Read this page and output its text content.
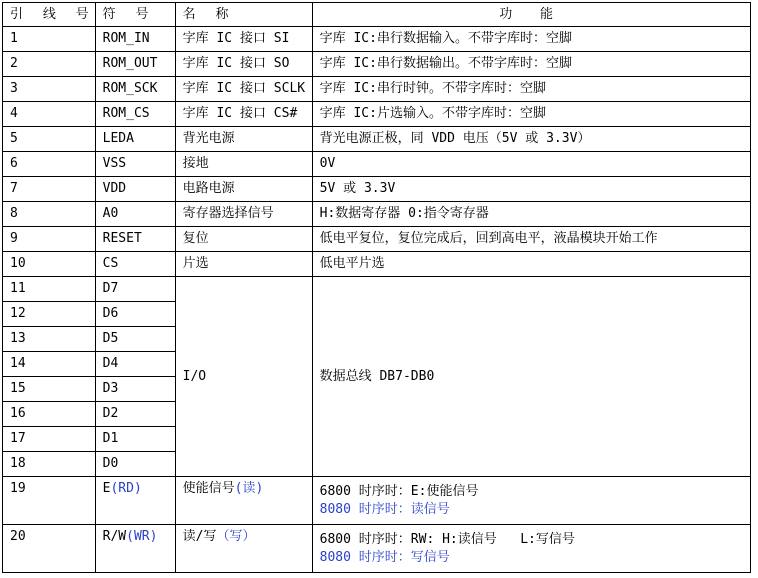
引 线 号	符 号	名 称	功 能
1	ROM_IN	字库 IC 接口 SI	字库 IC:串行数据输入。不带字库时：空脚
2	ROM_OUT	字库 IC 接口 SO	字库 IC:串行数据输出。不带字库时：空脚
3	ROM_SCK	字库 IC 接口 SCLK	字库 IC:串行时钟。不带字库时：空脚
4	ROM_CS	字库 IC 接口 CS#	字库 IC:片选输入。不带字库时：空脚
5	LEDA	背光电源	背光电源正极，同 VDD 电压（5V 或 3.3V）
6	VSS	接地	0V
7	VDD	电路电源	5V 或 3.3V
8	A0	寄存器选择信号	H:数据寄存器 0:指令寄存器
9	RESET	复位	低电平复位，复位完成后，回到高电平，液晶模块开始工作
10	CS	片选	低电平片选
11	D7	I/O	数据总线 DB7-DB0
12	D6		
13	D5		
14	D4		
15	D3		
16	D2		
17	D1		
18	D0		
19	E(RD)	使能信号(读)	6800 时序时：E:使能信号
8080 时序时：读信号

20	R/W(WR)	读/写（写）	6800 时序时：RW: H:读信号   L:写信号
8080 时序时：写信号
